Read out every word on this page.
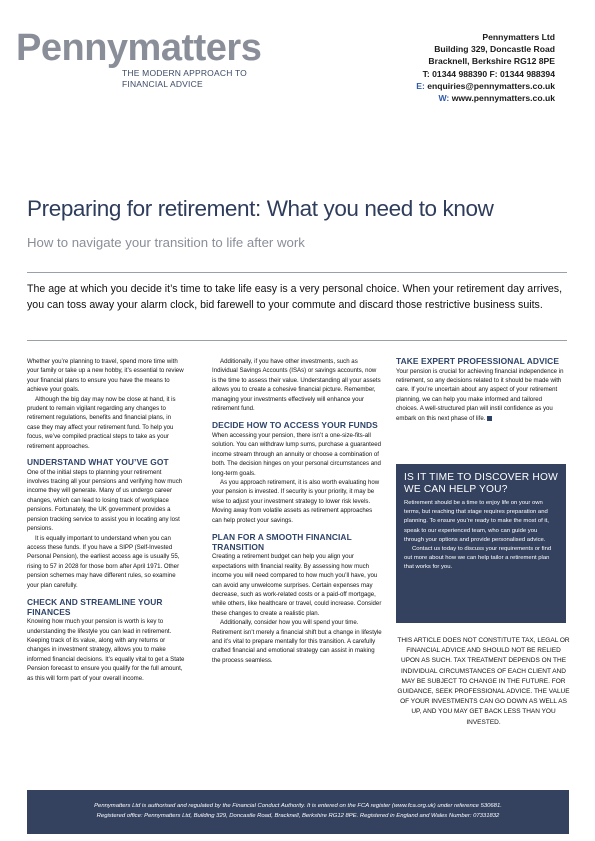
Pennymatters
THE MODERN APPROACH TO
FINANCIAL ADVICE
Pennymatters Ltd
Building 329, Doncastle Road
Bracknell, Berkshire RG12 8PE
T: 01344 988390 F: 01344 988394
E: enquiries@pennymatters.co.uk
W: www.pennymatters.co.uk
Preparing for retirement: What you need to know
How to navigate your transition to life after work
The age at which you decide it’s time to take life easy is a very personal choice. When your retirement day arrives, you can toss away your alarm clock, bid farewell to your commute and discard those restrictive business suits.

Whether you’re planning to travel, spend more time with your family or take up a new hobby, it’s essential to review your financial plans to ensure you have the means to achieve your goals.

Although the big day may now be close at hand, it is prudent to remain vigilant regarding any changes to retirement regulations, benefits and financial plans, in case they may affect your retirement fund. To help you focus, we’ve compiled practical steps to take as your retirement approaches.

UNDERSTAND WHAT YOU’VE GOT

One of the initial steps to planning your retirement involves tracing all your pensions and verifying how much income they will generate. Many of us undergo career changes, which can lead to losing track of workplace pensions. Fortunately, the UK government provides a pension tracking service to assist you in locating any lost pensions.

It is equally important to understand when you can access these funds. If you have a SIPP (Self-Invested Personal Pension), the earliest access age is usually 55, rising to 57 in 2028 for those born after April 1971. Other pension schemes may have different rules, so examine your plan carefully.

CHECK AND STREAMLINE YOUR FINANCES

Knowing how much your pension is worth is key to understanding the lifestyle you can lead in retirement. Keeping track of its value, along with any returns or changes in investment strategy, allows you to make informed financial decisions. It’s equally vital to get a State Pension forecast to ensure you qualify for the full amount, as this will form part of your overall income.

Additionally, if you have other investments, such as Individual Savings Accounts (ISAs) or savings accounts, now is the time to assess their value. Understanding all your assets allows you to create a cohesive financial picture. Remember, managing your investments effectively will enhance your retirement fund.

DECIDE HOW TO ACCESS YOUR FUNDS

When accessing your pension, there isn’t a one-size-fits-all solution. You can withdraw lump sums, purchase a guaranteed income stream through an annuity or choose a combination of both. The decision hinges on your personal circumstances and long-term goals.

As you approach retirement, it is also worth evaluating how your pension is invested. If security is your priority, it may be wise to adjust your investment strategy to lower risk levels. Moving away from volatile assets as retirement approaches can help protect your savings.

PLAN FOR A SMOOTH FINANCIAL TRANSITION

Creating a retirement budget can help you align your expectations with financial reality. By assessing how much income you will need compared to how much you’ll have, you can avoid any unwelcome surprises. Certain expenses may decrease, such as work-related costs or a paid-off mortgage, while others, like healthcare or travel, could increase. Consider these changes to create a realistic plan.

Additionally, consider how you will spend your time. Retirement isn’t merely a financial shift but a change in lifestyle and it’s vital to prepare mentally for this transition. A carefully crafted financial and emotional strategy can assist in making the process seamless.

TAKE EXPERT PROFESSIONAL ADVICE

Your pension is crucial for achieving financial independence in retirement, so any decisions related to it should be made with care. If you’re uncertain about any aspect of your retirement planning, we can help you make informed and tailored choices. A well-structured plan will instil confidence as you embark on this next phase of life.

IS IT TIME TO DISCOVER HOW WE CAN HELP YOU?

Retirement should be a time to enjoy life on your own terms, but reaching that stage requires preparation and planning. To ensure you’re ready to make the most of it, speak to our experienced team, who can guide you through your options and provide personalised advice.

Contact us today to discuss your requirements or find out more about how we can help tailor a retirement plan that works for you.

THIS ARTICLE DOES NOT CONSTITUTE TAX, LEGAL OR FINANCIAL ADVICE AND SHOULD NOT BE RELIED UPON AS SUCH. TAX TREATMENT DEPENDS ON THE INDIVIDUAL CIRCUMSTANCES OF EACH CLIENT AND MAY BE SUBJECT TO CHANGE IN THE FUTURE. FOR GUIDANCE, SEEK PROFESSIONAL ADVICE. THE VALUE OF YOUR INVESTMENTS CAN GO DOWN AS WELL AS UP, AND YOU MAY GET BACK LESS THAN YOU INVESTED.
Pennymatters Ltd is authorised and regulated by the Financial Conduct Authority. It is entered on the FCA register (www.fca.org.uk) under reference 530681.
Registered office: Pennymatters Ltd, Building 329, Doncastle Road, Bracknell, Berkshire RG12 8PE. Registered in England and Wales Number: 07331832
